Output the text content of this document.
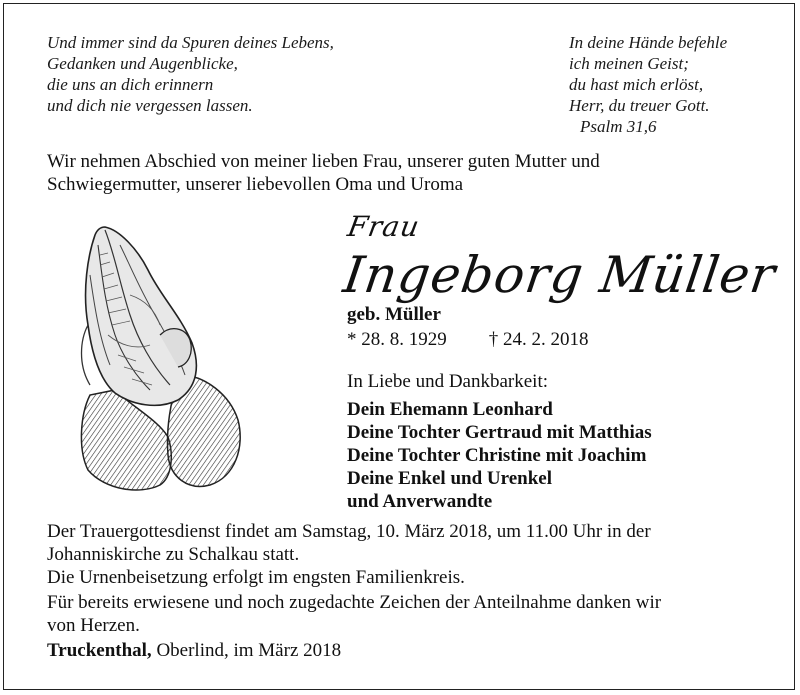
Und immer sind da Spuren deines Lebens,
Gedanken und Augenblicke,
die uns an dich erinnern
und dich nie vergessen lassen.
In deine Hände befehle
ich meinen Geist;
du hast mich erlöst,
Herr, du treuer Gott.
Psalm 31,6
Wir nehmen Abschied von meiner lieben Frau, unserer guten Mutter und
Schwiegermutter, unserer liebevollen Oma und Uroma
Frau
Ingeborg Müller
geb. Müller
* 28. 8. 1929 † 24. 2. 2018
In Liebe und Dankbarkeit:
Dein Ehemann Leonhard
Deine Tochter Gertraud mit Matthias
Deine Tochter Christine mit Joachim
Deine Enkel und Urenkel
und Anverwandte
Der Trauergottesdienst findet am Samstag, 10. März 2018, um 11.00 Uhr in der
Johanniskirche zu Schalkau statt.
Die Urnenbeisetzung erfolgt im engsten Familienkreis.
Für bereits erwiesene und noch zugedachte Zeichen der Anteilnahme danken wir
von Herzen.
Truckenthal, Oberlind, im März 2018
